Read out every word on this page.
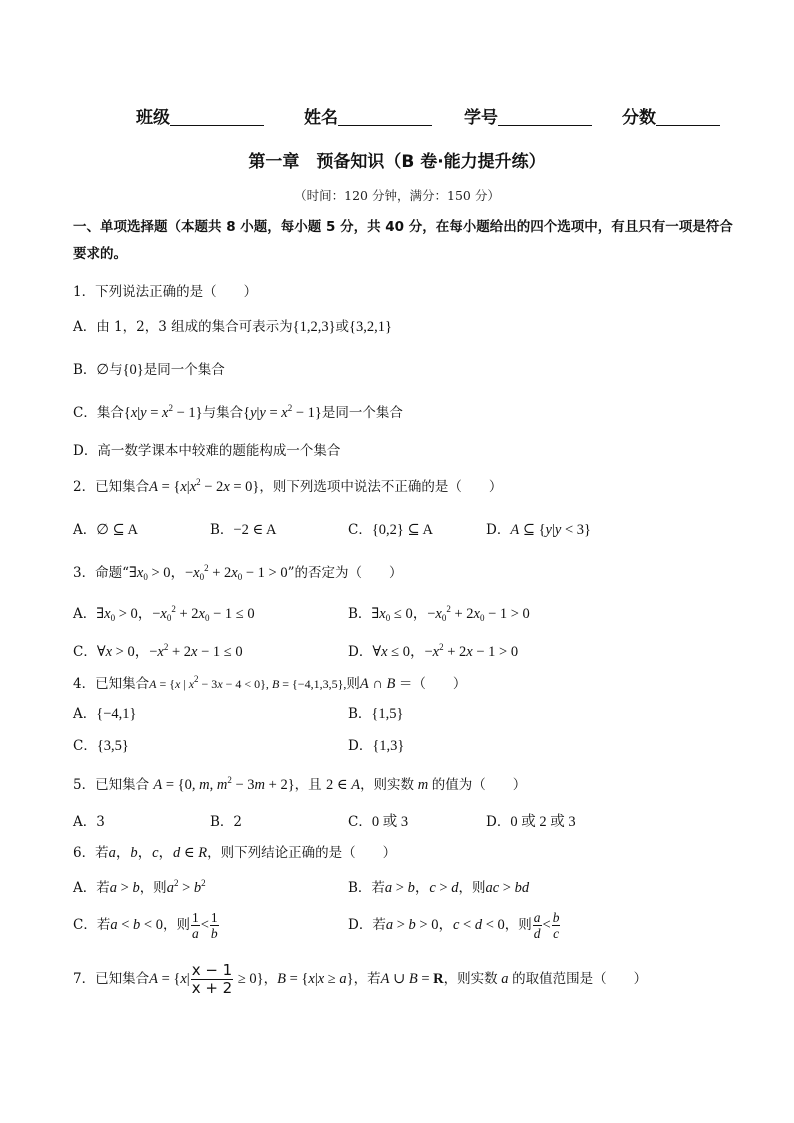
班级	姓名	学号	分数
第一章　预备知识（B 卷·能力提升练）
（时间：120 分钟，满分：150 分）
一、单项选择题（本题共 8 小题，每小题 5 分，共 40 分，在每小题给出的四个选项中，有且只有一项是符合要求的。
1．下列说法正确的是（　　）
A．由 1，2，3 组成的集合可表示为{1,2,3}或{3,2,1}
B．∅与{0}是同一个集合
C．集合$\{x|y = x^2 - 1\}$与集合$\{y|y = x^2 - 1\}$是同一个集合
D．高一数学课本中较难的题能构成一个集合
2．已知集合$A = \{x|x^2 - 2x = 0\}$，则下列选项中说法不正确的是（　　）
A．∅ ⊆ A	B．−2 ∈ A	C．{0,2} ⊆ A	D．A ⊆ {y|y < 3}
3．命题“$\exists x_0 > 0$，$-x_0^2 + 2x_0 - 1 > 0$”的否定为（　　）
A．$\exists x_0 > 0$，$-x_0^2 + 2x_0 - 1 \le 0$	B．$\exists x_0 \le 0$，$-x_0^2 + 2x_0 - 1 > 0$
C．∀x > 0，$-x^2 + 2x - 1 \le 0$	D．∀x ≤ 0，$-x^2 + 2x - 1 > 0$
4．已知集合A = {x | $x^2 - 3x - 4 < 0$}, B = {−4,1,3,5},则A ∩ B ＝（　　）
A．{−4,1}	B．{1,5}
C．{3,5}	D．{1,3}
5．已知集合 A = {0, m, $m^2 - 3m + 2$}，且 2 ∈ A，则实数 m 的值为（　　）
A．3	B．2	C．0 或 3	D．0 或 2 或 3
6．若a，b，c，d ∈ R，则下列结论正确的是（　　）
A．若a > b，则$a^2 > b^2$	B．若a > b，c > d，则ac > bd
C．若a < b < 0，则 $\frac{1}{a} < \frac{1}{b}$	D．若a > b > 0，c < d < 0，则 $\frac{a}{d} < \frac{b}{c}$
7．已知集合$A = \{x| \frac{x - 1}{x + 2} \ge 0\}$，B = {x|x ≥ a}，若A ∪ B = R，则实数 a 的取值范围是（　　）
